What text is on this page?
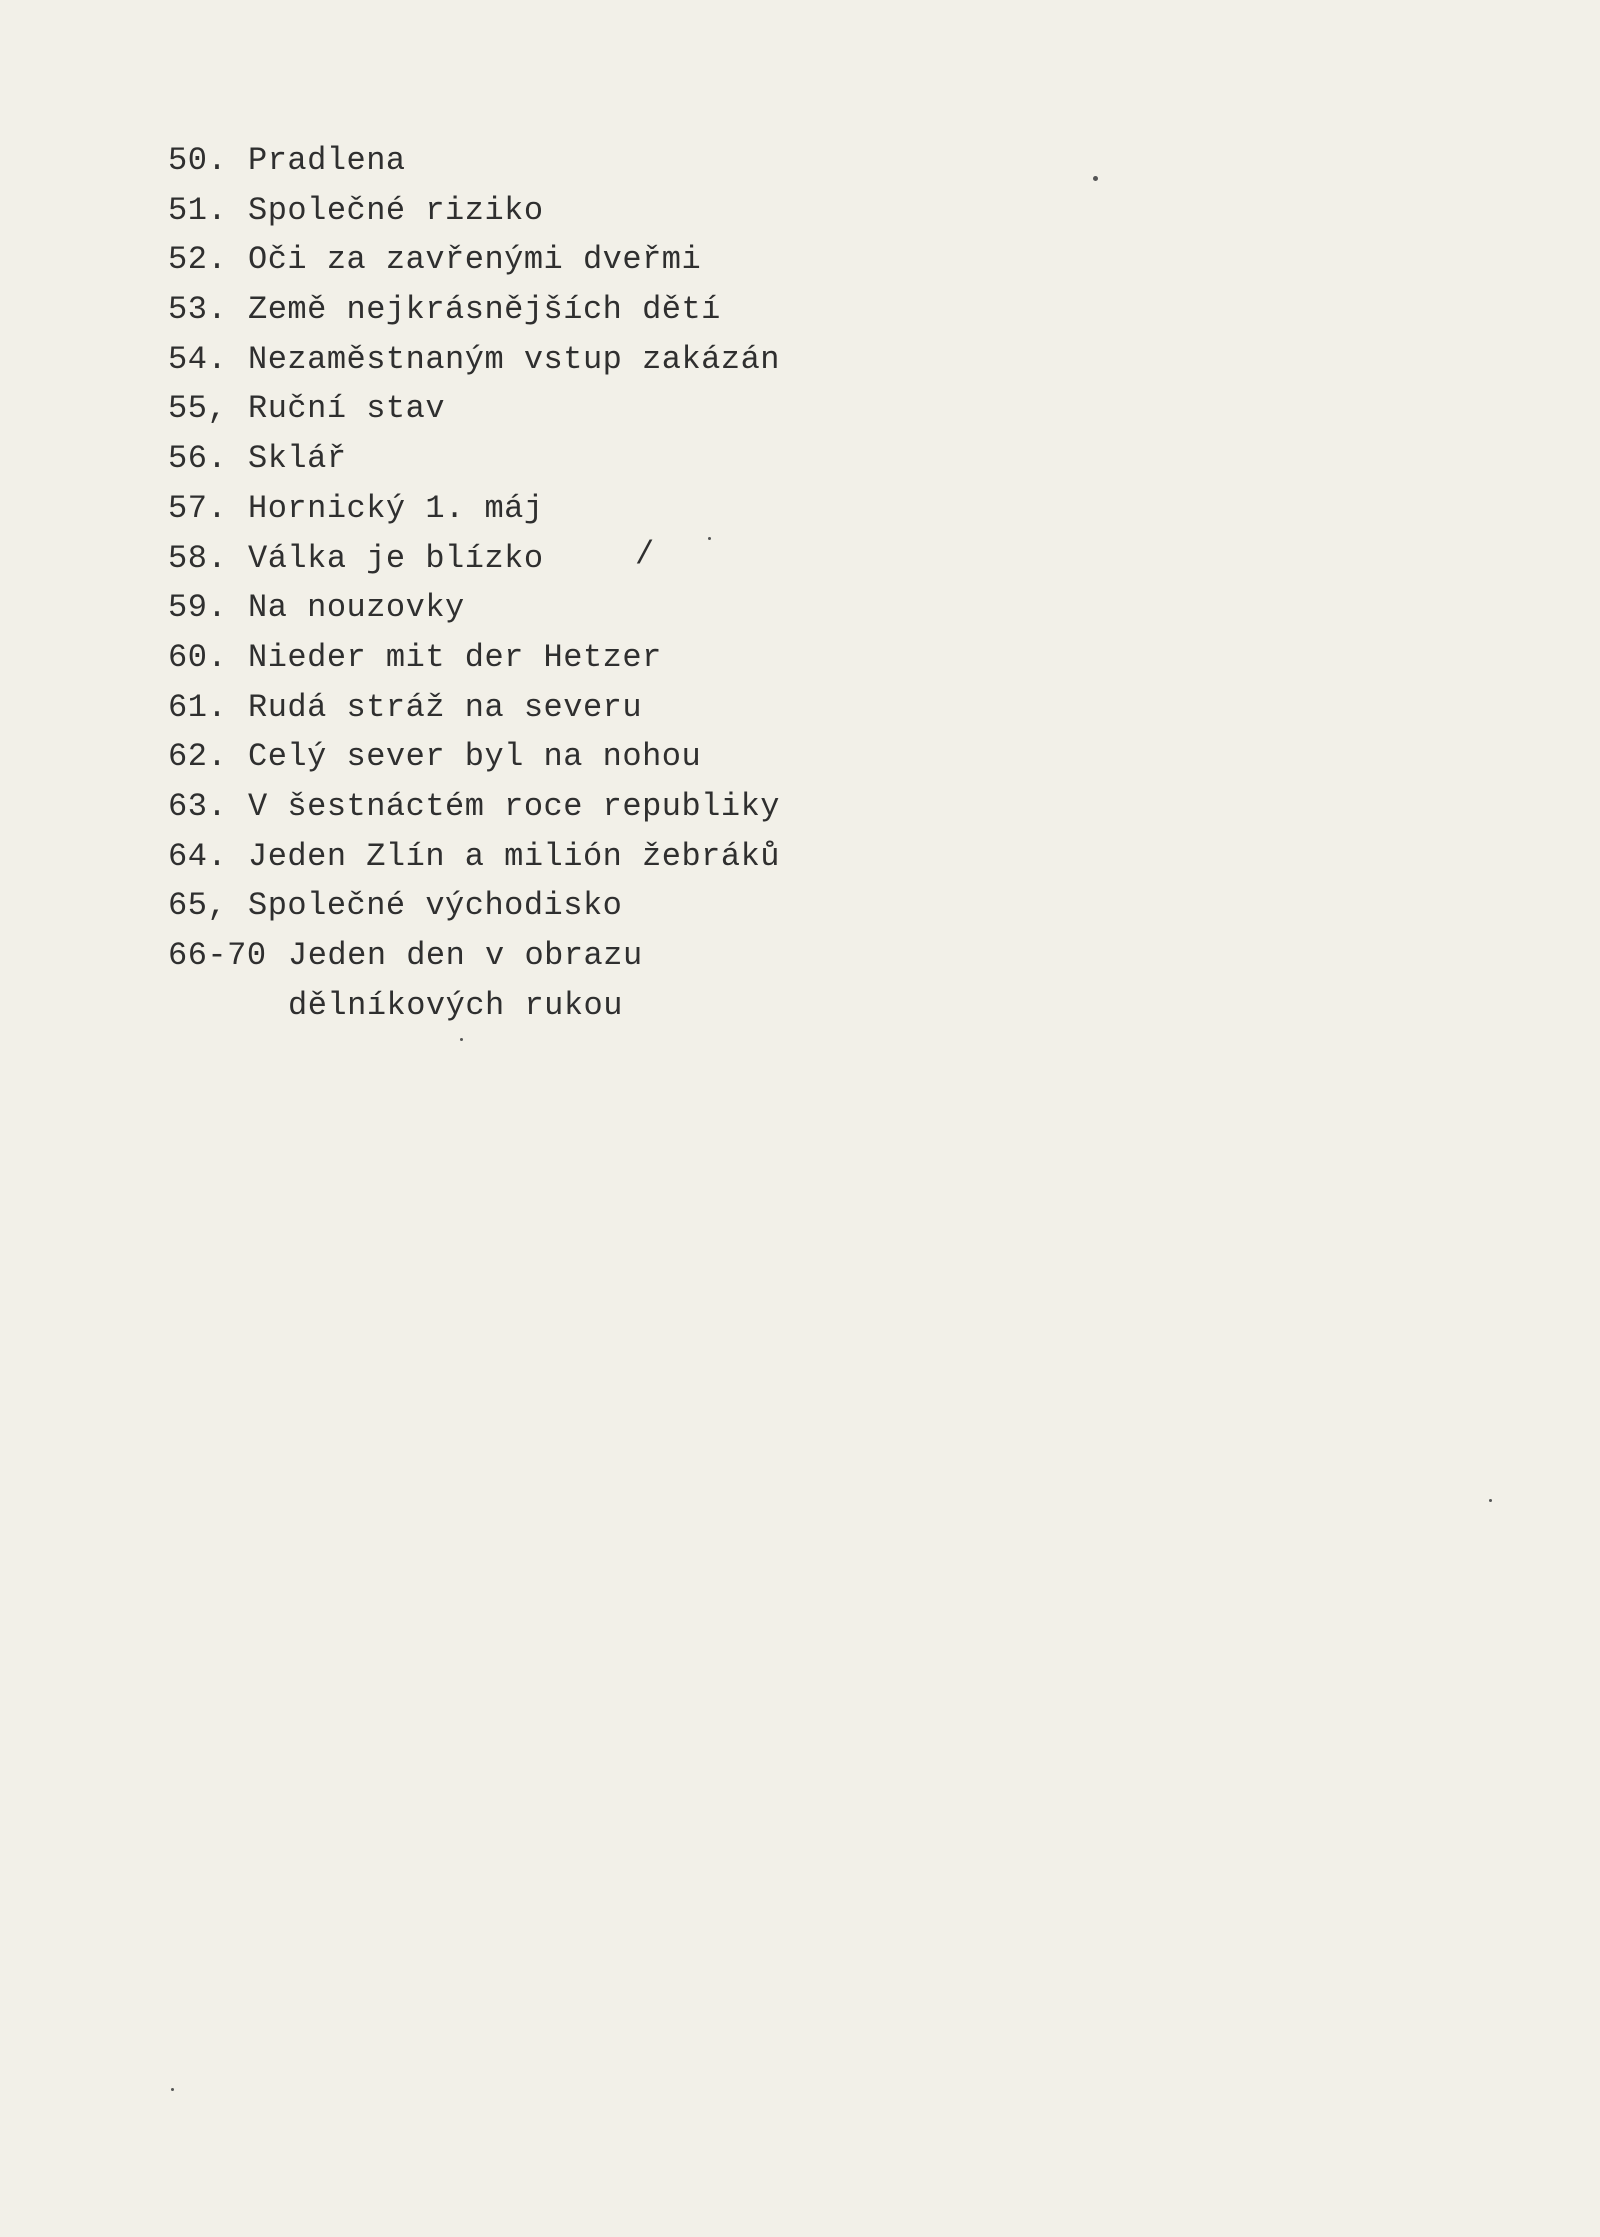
50. Pradlena
51. Společné riziko
52. Oči za zavřenými dveřmi
53. Země nejkrásnějších dětí
54. Nezaměstnaným vstup zakázán
55, Ruční stav
56. Sklář
57. Hornický 1. máj
58. Válka je blízko
59. Na nouzovky
60. Nieder mit der Hetzer
61. Rudá stráž na severu
62. Celý sever byl na nohou
63. V šestnáctém roce republiky
64. Jeden Zlín a milión žebráků
65, Společné východisko
66-70 Jeden den v obrazu
dělníkových rukou
/
